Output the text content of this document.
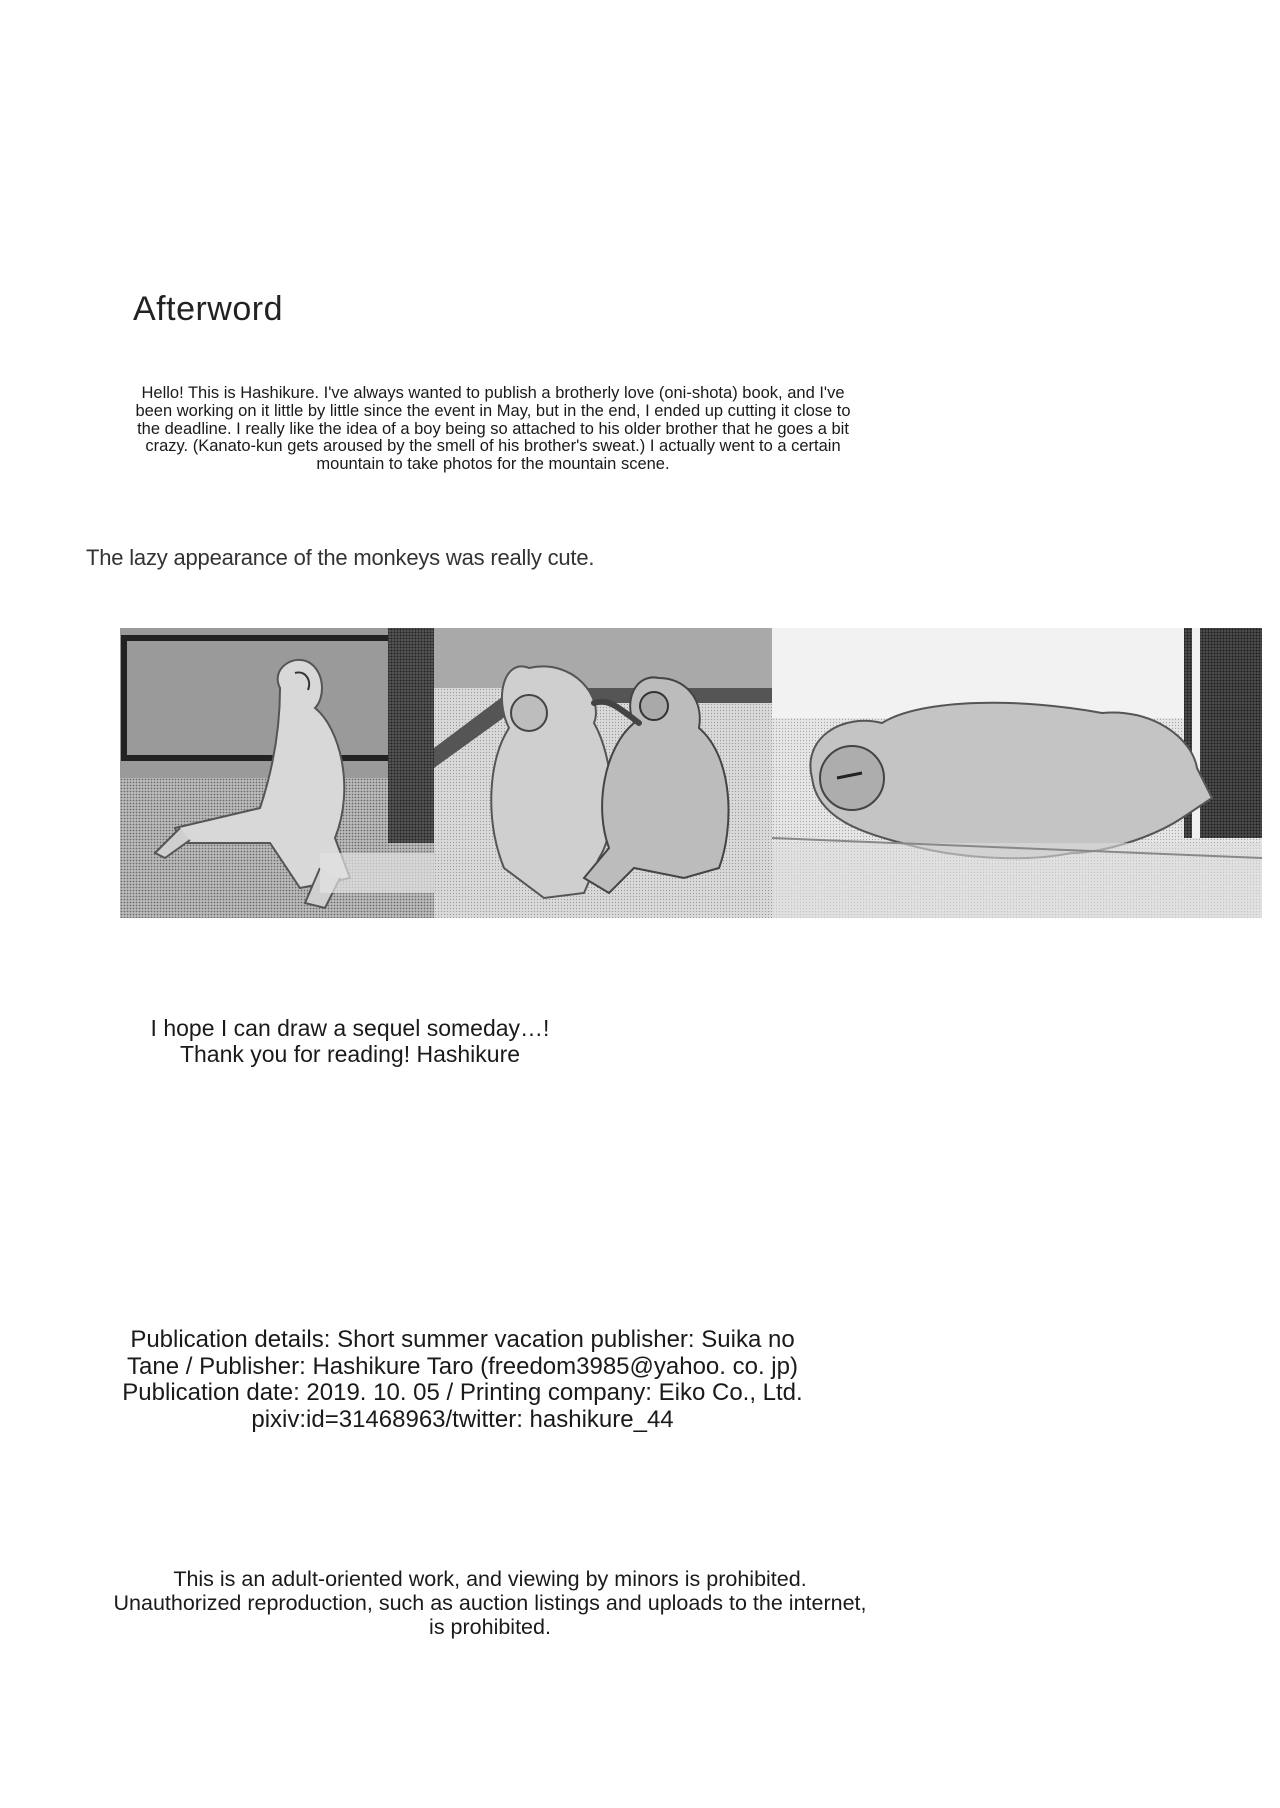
Afterword
Hello! This is Hashikure. I've always wanted to publish a brotherly love (oni-shota) book, and I've been working on it little by little since the event in May, but in the end, I ended up cutting it close to the deadline. I really like the idea of a boy being so attached to his older brother that he goes a bit crazy. (Kanato-kun gets aroused by the smell of his brother's sweat.) I actually went to a certain mountain to take photos for the mountain scene.
The lazy appearance of the monkeys was really cute.
I hope I can draw a sequel someday…!
Thank you for reading! Hashikure
Publication details: Short summer vacation publisher: Suika no Tane / Publisher: Hashikure Taro (freedom3985@yahoo. co. jp) Publication date: 2019. 10. 05 / Printing company: Eiko Co., Ltd. pixiv:id=31468963/twitter: hashikure_44
This is an adult-oriented work, and viewing by minors is prohibited. Unauthorized reproduction, such as auction listings and uploads to the internet, is prohibited.
